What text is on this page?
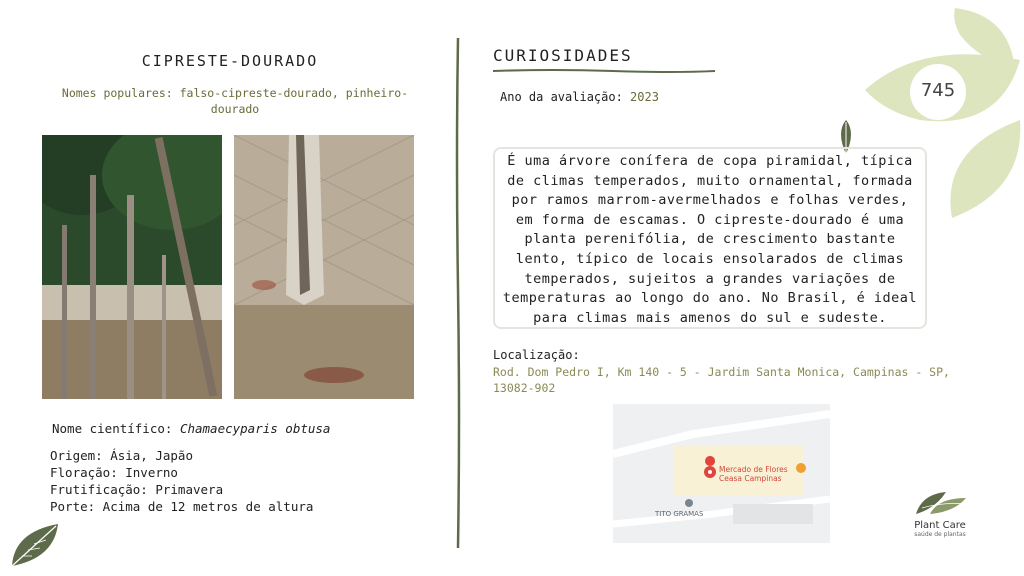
CIPRESTE-DOURADO
Nomes populares: falso-cipreste-dourado, pinheiro-dourado
Nome científico: Chamaecyparis obtusa
Origem: Ásia, Japão
Floração: Inverno
Frutificação: Primavera
Porte: Acima de 12 metros de altura
CURIOSIDADES
Ano da avaliação: 2023
É uma árvore conífera de copa piramidal, típica de climas temperados, muito ornamental, formada por ramos marrom-avermelhados e folhas verdes, em forma de escamas. O cipreste-dourado é uma planta perenifólia, de crescimento bastante lento, típico de locais ensolarados de climas temperados, sujeitos a grandes variações de temperaturas ao longo do ano. No Brasil, é ideal para climas mais amenos do sul e sudeste.
Localização:
Rod. Dom Pedro I, Km 140 - 5 - Jardim Santa Monica, Campinas - SP, 13082-902
Mercado de Flores
Ceasa Campinas
TITO GRAMAS
745
Plant Care
saúde de plantas
